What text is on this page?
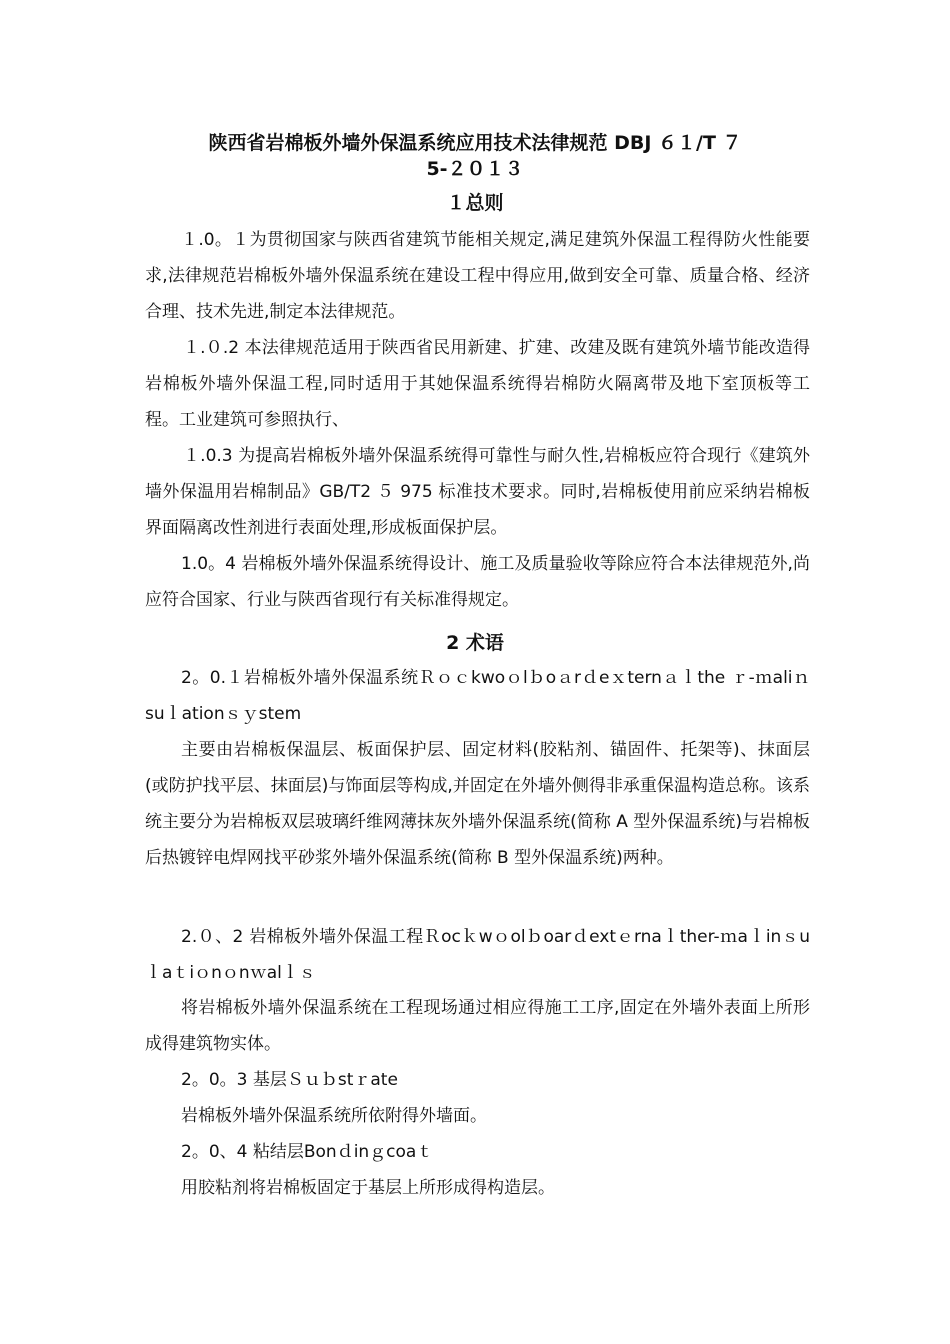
陕西省岩棉板外墙外保温系统应用技术法律规范 DBJ ６１/T ７
5-２０１３
１总则

１.0。１为贯彻国家与陕西省建筑节能相关规定,满足建筑外保温工程得防火性能要求,法律规范岩棉板外墙外保温系统在建设工程中得应用,做到安全可靠、质量合格、经济合理、技术先进,制定本法律规范。

１.０.2 本法律规范适用于陕西省民用新建、扩建、改建及既有建筑外墙节能改造得岩棉板外墙外保温工程,同时适用于其她保温系统得岩棉防火隔离带及地下室顶板等工程。工业建筑可参照执行、

１.0.3 为提高岩棉板外墙外保温系统得可靠性与耐久性,岩棉板应符合现行《建筑外墙外保温用岩棉制品》GB/T2 ５ 975 标准技术要求。同时,岩棉板使用前应采纳岩棉板界面隔离改性剂进行表面处理,形成板面保护层。

1.0。4 岩棉板外墙外保温系统得设计、施工及质量验收等除应符合本法律规范外,尚应符合国家、行业与陕西省现行有关标准得规定。

2 术语

2。0.１岩棉板外墙外保温系统Ｒｏｃkwoｏlｂoａrｄeｘternａｌthe ｒ-ｍaliｎsuｌationｓｙstem

主要由岩棉板保温层、板面保护层、固定材料(胶粘剂、锚固件、托架等)、抹面层(或防护找平层、抹面层)与饰面层等构成,并固定在外墙外侧得非承重保温构造总称。该系统主要分为岩棉板双层玻璃纤维网薄抹灰外墙外保温系统(简称 A 型外保温系统)与岩棉板后热镀锌电焊网找平砂浆外墙外保温系统(简称 B 型外保温系统)两种。

2.０、2 岩棉板外墙外保温工程Ｒocｋwｏolｂoarｄextｅrnaｌther-ｍaｌinｓuｌaｔiｏnｏnｗalｌｓ

将岩棉板外墙外保温系统在工程现场通过相应得施工工序,固定在外墙外表面上所形成得建筑物实体。

2。0。3 基层Ｓｕｂstｒate

岩棉板外墙外保温系统所依附得外墙面。

2。0、4 粘结层Bonｄinｇcoaｔ

用胶粘剂将岩棉板固定于基层上所形成得构造层。
